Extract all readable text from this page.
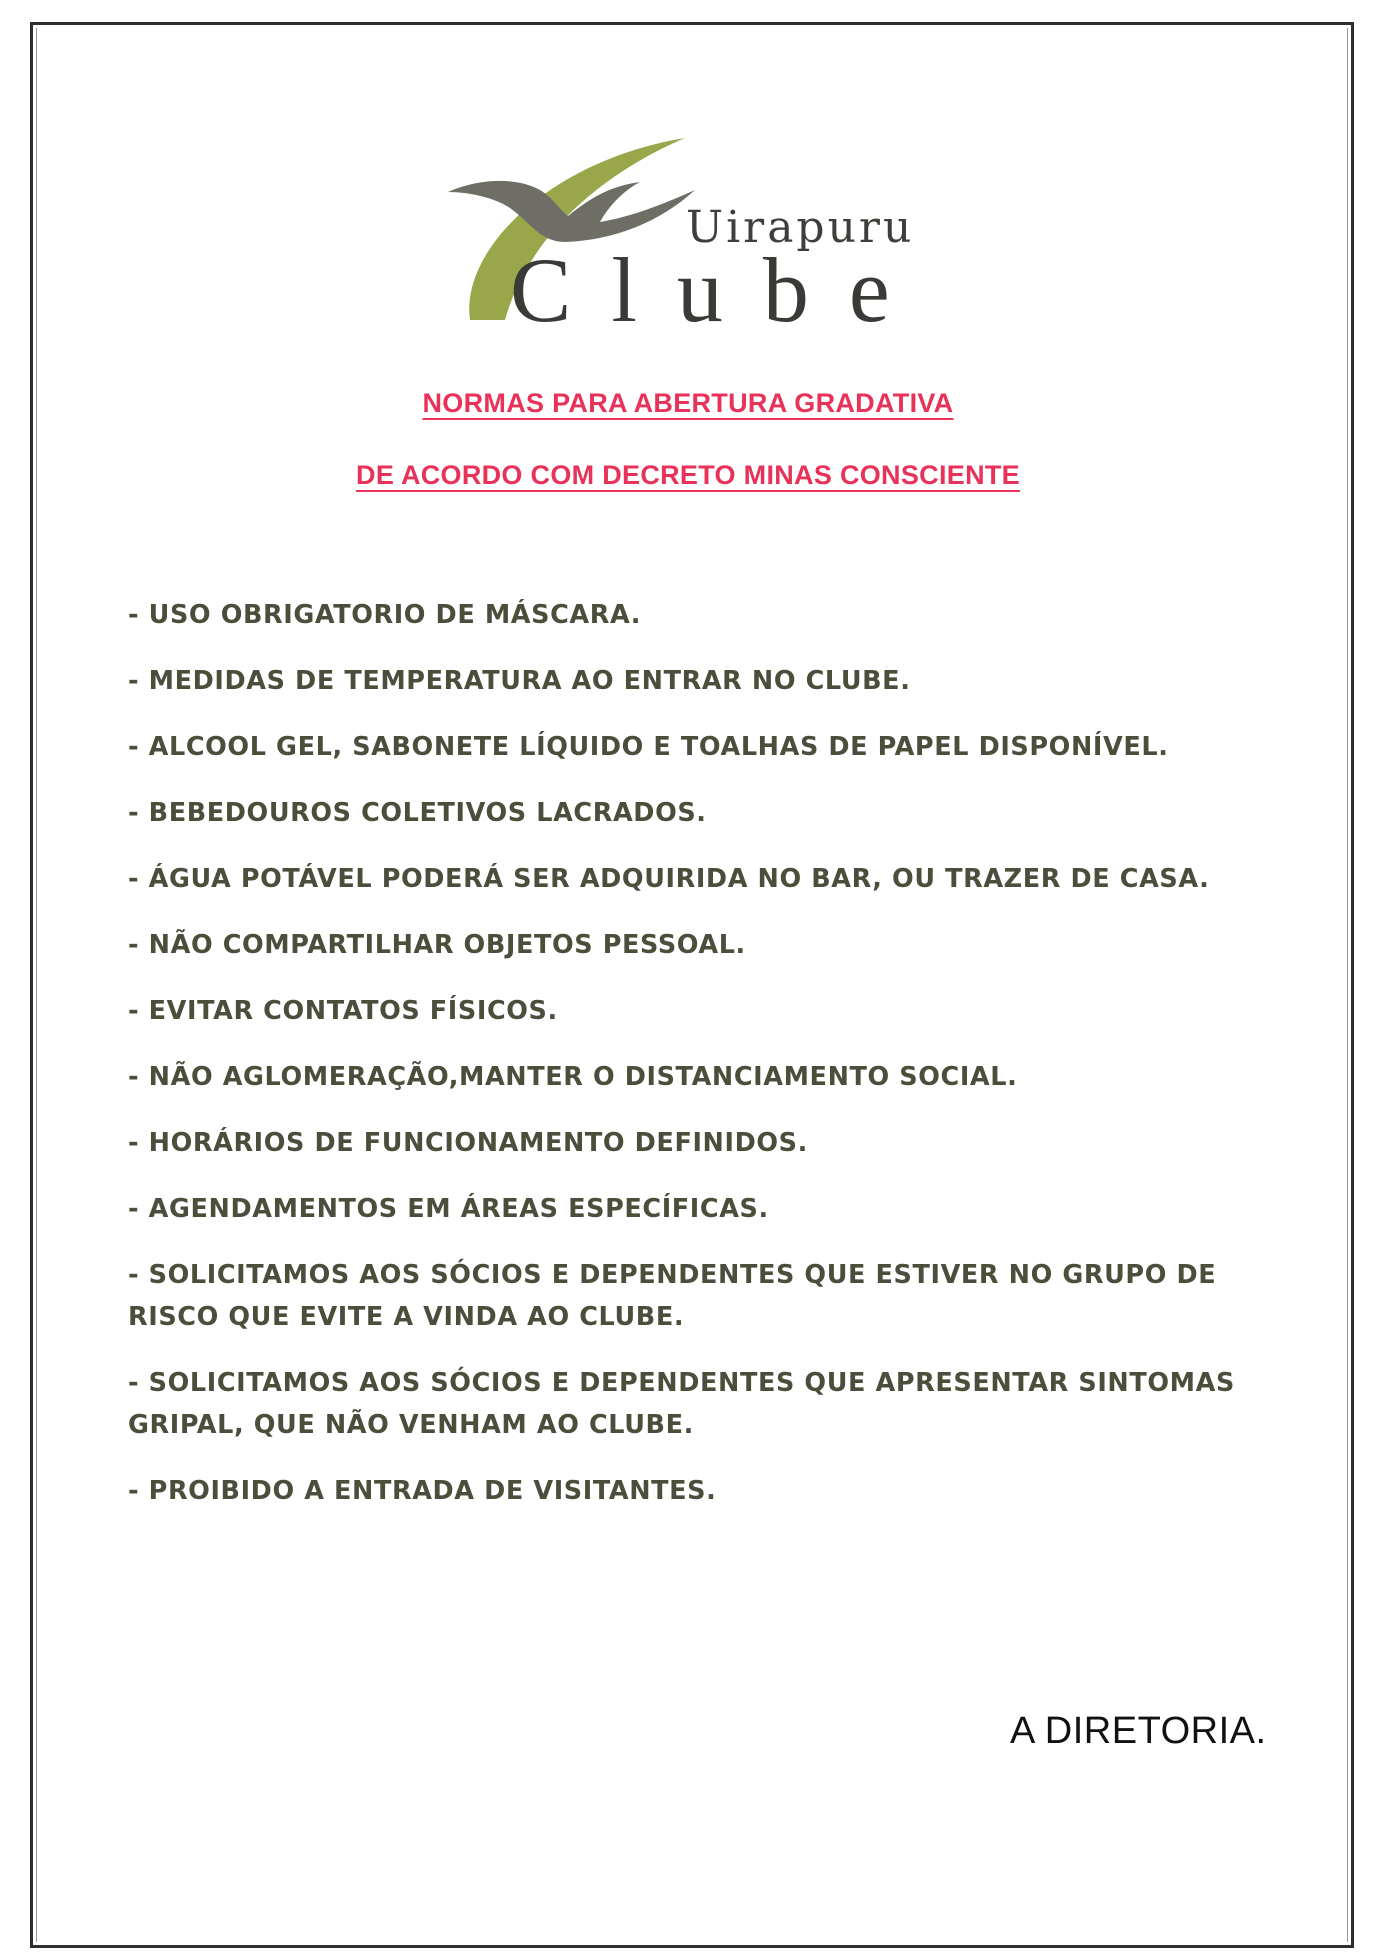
Uirapuru
Clube
NORMAS PARA ABERTURA GRADATIVA
DE ACORDO COM DECRETO MINAS CONSCIENTE
- USO OBRIGATORIO DE MÁSCARA.
- MEDIDAS DE TEMPERATURA AO ENTRAR NO CLUBE.
- ALCOOL GEL, SABONETE LÍQUIDO E TOALHAS DE PAPEL DISPONÍVEL.
- BEBEDOUROS COLETIVOS LACRADOS.
- ÁGUA POTÁVEL PODERÁ SER ADQUIRIDA NO BAR, OU TRAZER DE CASA.
- NÃO COMPARTILHAR OBJETOS PESSOAL.
- EVITAR CONTATOS FÍSICOS.
- NÃO AGLOMERAÇÃO,MANTER O DISTANCIAMENTO SOCIAL.
- HORÁRIOS DE FUNCIONAMENTO DEFINIDOS.
- AGENDAMENTOS EM ÁREAS ESPECÍFICAS.
- SOLICITAMOS AOS SÓCIOS E DEPENDENTES QUE ESTIVER NO GRUPO DE RISCO QUE EVITE A VINDA AO CLUBE.
- SOLICITAMOS AOS SÓCIOS E DEPENDENTES QUE APRESENTAR SINTOMAS GRIPAL, QUE NÃO VENHAM AO CLUBE.
- PROIBIDO A ENTRADA DE VISITANTES.
A DIRETORIA.
